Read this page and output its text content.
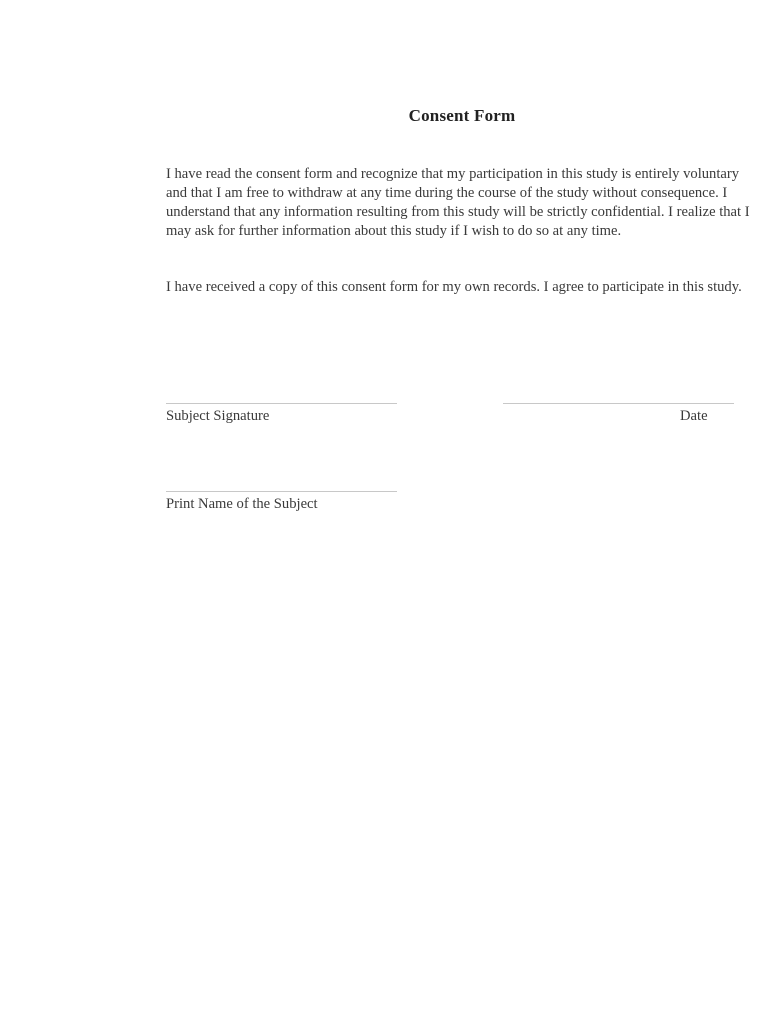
Consent Form
I have read the consent form and recognize that my participation in this study is entirely voluntary and that I am free to withdraw at any time during the course of the study without consequence. I understand that any information resulting from this study will be strictly confidential. I realize that I may ask for further information about this study if I wish to do so at any time.
I have received a copy of this consent form for my own records. I agree to participate in this study.
Subject Signature	Date
Print Name of the Subject
